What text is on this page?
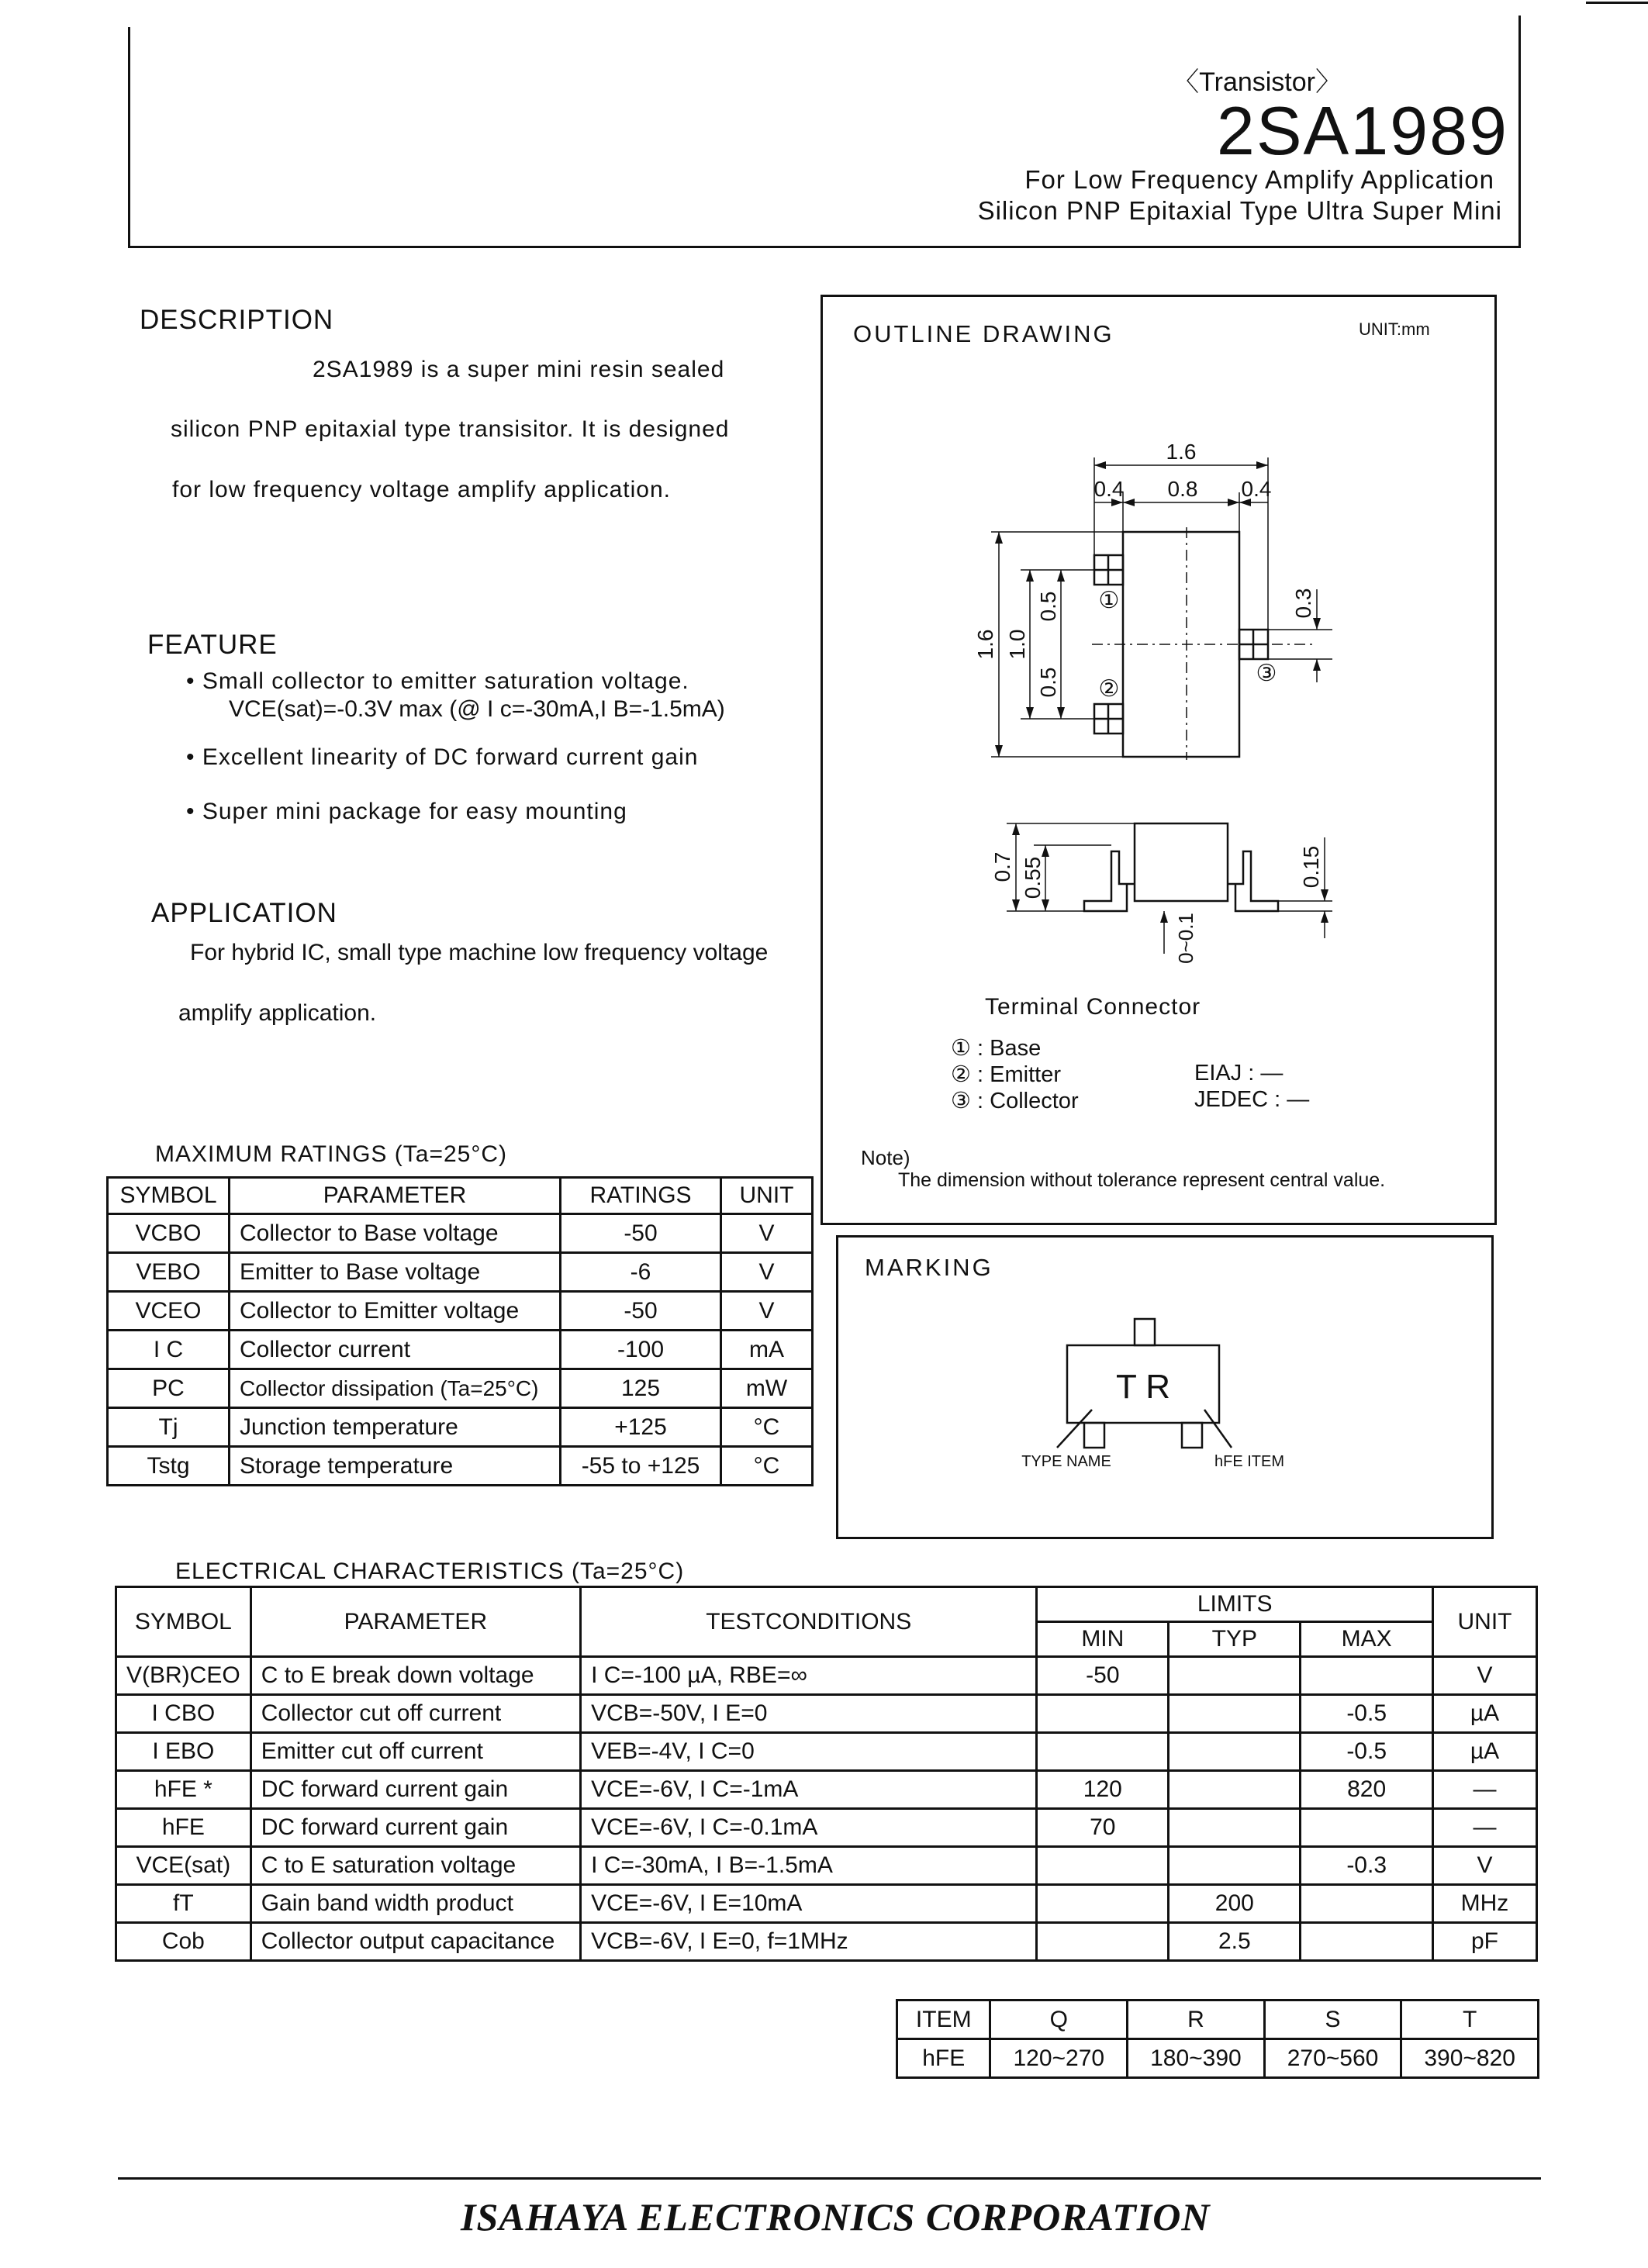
〈Transistor〉
2SA1989
For Low Frequency Amplify Application
Silicon PNP Epitaxial Type Ultra Super Mini
DESCRIPTION
2SA1989 is a super mini resin sealed
silicon PNP epitaxial type transisitor. It is designed
for low frequency voltage amplify application.
FEATURE
• Small collector to emitter saturation voltage.
VCE(sat)=-0.3V max (@ I c=-30mA,I B=-1.5mA)
• Excellent linearity of DC forward current gain
• Super mini package for easy mounting
APPLICATION
For hybrid IC, small type machine low frequency voltage
amplify application.
OUTLINE DRAWING	UNIT:mm
1.6
0.4 0.8 0.4
1.6 1.0
0.5
0.5
0.3
0.7 0.55	0.15
0~0.1
①
②
③
Terminal Connector
① : Base
② : Emitter
③ : Collector
EIAJ : —
JEDEC : —
Note)
The dimension without tolerance represent central value.
MARKING
T R
TYPE NAME	hFE ITEM
MAXIMUM RATINGS (Ta=25°C)
SYMBOL	PARAMETER	RATINGS	UNIT
VCBO	Collector to Base voltage	-50	V
VEBO	Emitter to Base voltage	-6	V
VCEO	Collector to Emitter voltage	-50	V
I C	Collector current	-100	mA
PC	Collector dissipation (Ta=25°C)	125	mW
Tj	Junction temperature	+125	°C
Tstg	Storage temperature	-55 to +125	°C
ELECTRICAL CHARACTERISTICS (Ta=25°C)
SYMBOL	PARAMETER	TESTCONDITIONS	LIMITS			UNIT
			MIN	TYP	MAX	
V(BR)CEO	C to E break down voltage	I C=-100 µA, RBE=∞	-50			V
I CBO	Collector cut off current	VCB=-50V, I E=0			-0.5	µA
I EBO	Emitter cut off current	VEB=-4V, I C=0			-0.5	µA
hFE *	DC forward current gain	VCE=-6V, I C=-1mA	120		820	—
hFE	DC forward current gain	VCE=-6V, I C=-0.1mA	70			—
VCE(sat)	C to E saturation voltage	I C=-30mA, I B=-1.5mA			-0.3	V
fT	Gain band width product	VCE=-6V, I E=10mA		200		MHz
Cob	Collector output capacitance	VCB=-6V, I E=0, f=1MHz		2.5		pF
ITEM	Q	R	S	T
hFE	120~270	180~390	270~560	390~820
ISAHAYA ELECTRONICS CORPORATION
